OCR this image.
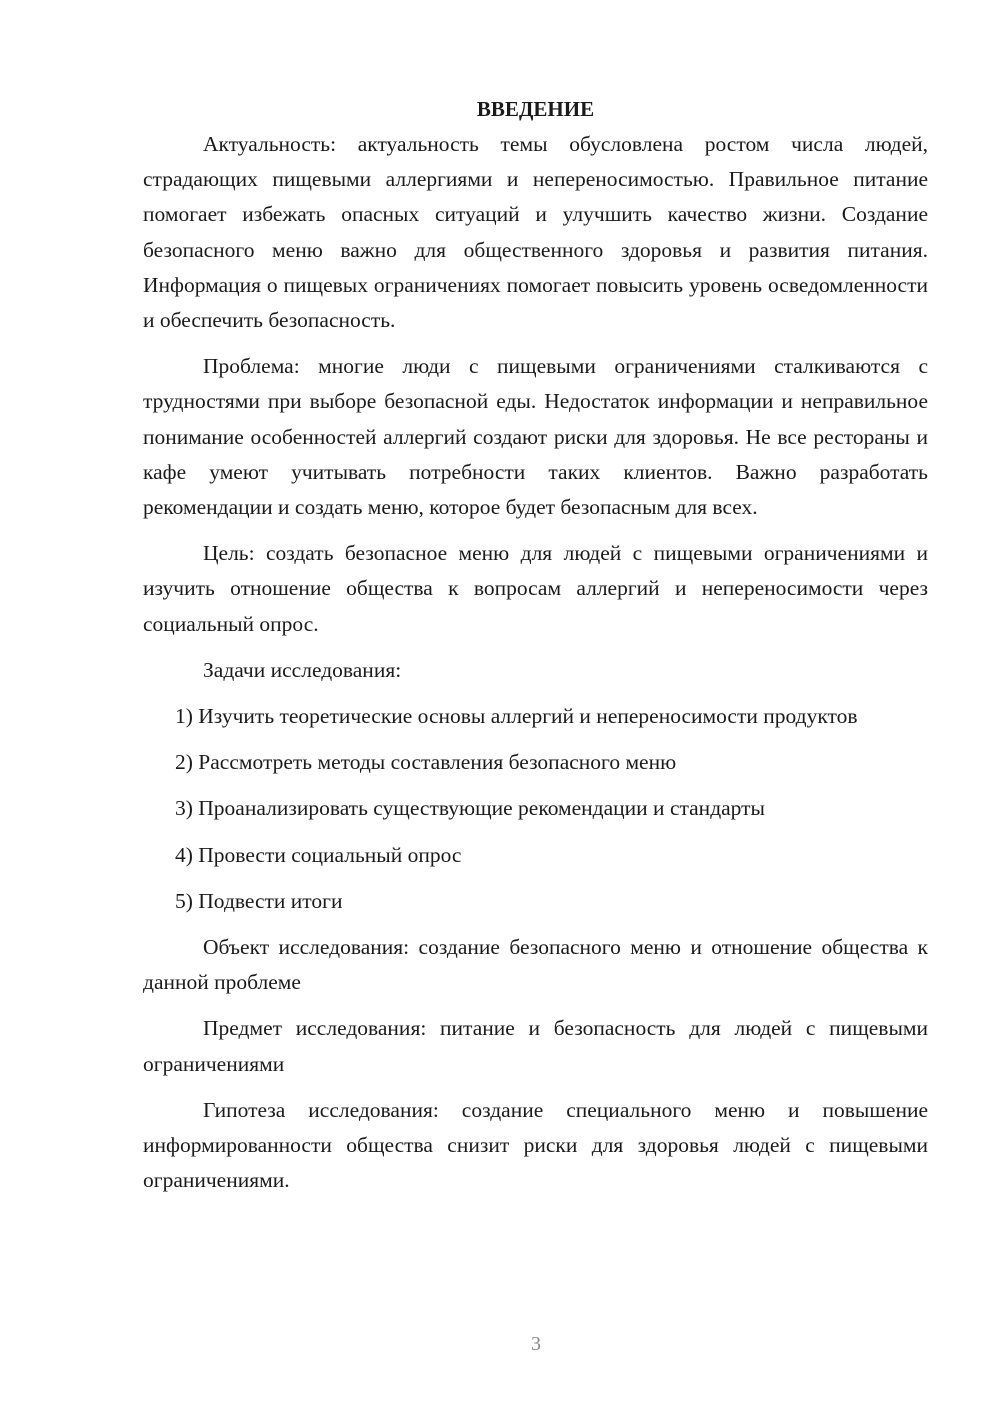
ВВЕДЕНИЕ

Актуальность: актуальность темы обусловлена ростом числа людей, страдающих пищевыми аллергиями и непереносимостью. Правильное питание помогает избежать опасных ситуаций и улучшить качество жизни. Создание безопасного меню важно для общественного здоровья и развития питания. Информация о пищевых ограничениях помогает повысить уровень осведомленности и обеспечить безопасность.

Проблема: многие люди с пищевыми ограничениями сталкиваются с трудностями при выборе безопасной еды. Недостаток информации и неправильное понимание особенностей аллергий создают риски для здоровья. Не все рестораны и кафе умеют учитывать потребности таких клиентов. Важно разработать рекомендации и создать меню, которое будет безопасным для всех.

Цель: создать безопасное меню для людей с пищевыми ограничениями и изучить отношение общества к вопросам аллергий и непереносимости через социальный опрос.

Задачи исследования:

1) Изучить теоретические основы аллергий и непереносимости продуктов

2) Рассмотреть методы составления безопасного меню

3) Проанализировать существующие рекомендации и стандарты

4) Провести социальный опрос

5) Подвести итоги

Объект исследования: создание безопасного меню и отношение общества к данной проблеме

Предмет исследования: питание и безопасность для людей с пищевыми ограничениями

Гипотеза исследования: создание специального меню и повышение информированности общества снизит риски для здоровья людей с пищевыми ограничениями.

3
